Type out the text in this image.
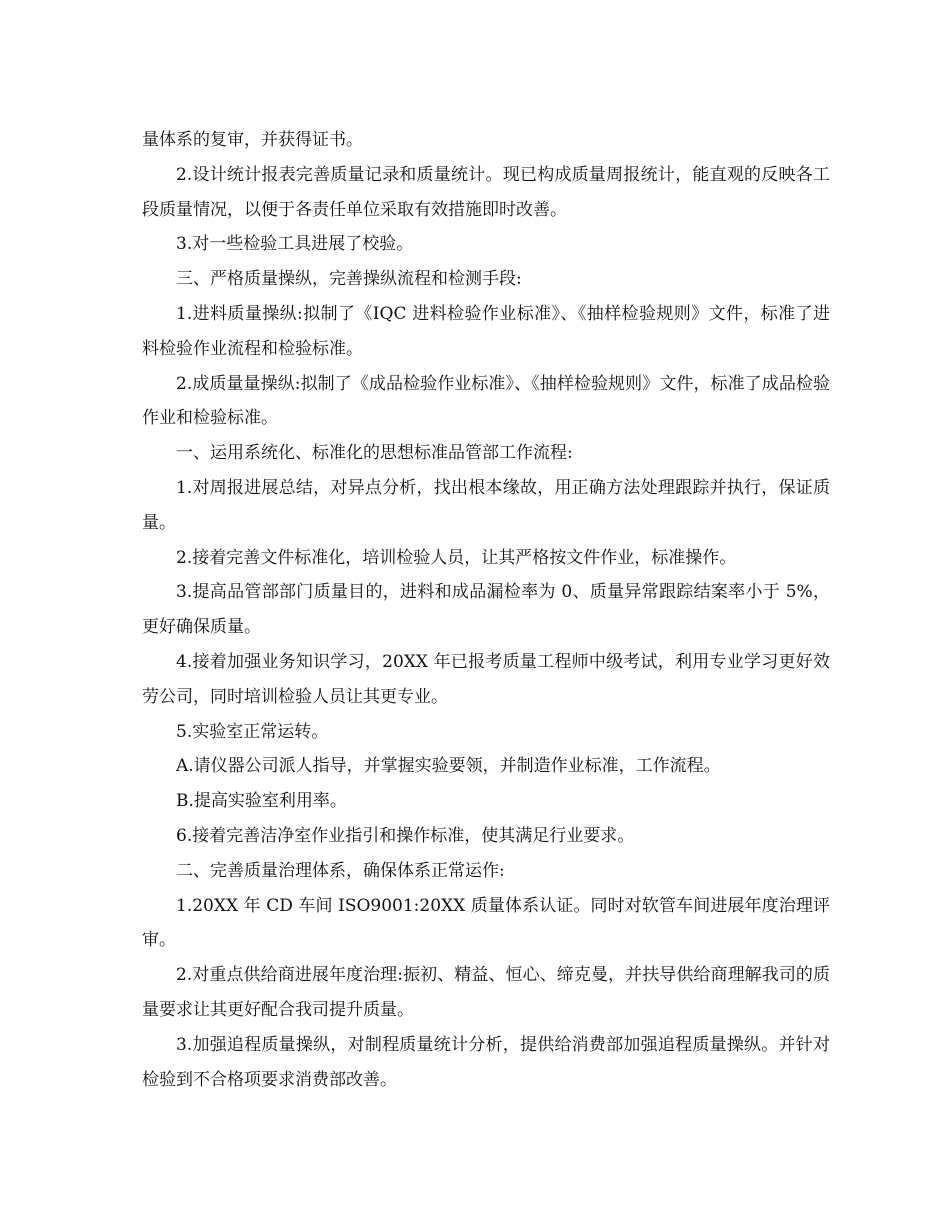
量体系的复审，并获得证书。

2.设计统计报表完善质量记录和质量统计。现已构成质量周报统计，能直观的反映各工段质量情况，以便于各责任单位采取有效措施即时改善。

3.对一些检验工具进展了校验。

三、严格质量操纵，完善操纵流程和检测手段:

1.进料质量操纵:拟制了《IQC 进料检验作业标准》、《抽样检验规则》文件，标准了进料检验作业流程和检验标准。

2.成质量量操纵:拟制了《成品检验作业标准》、《抽样检验规则》文件，标准了成品检验作业和检验标准。

一、运用系统化、标准化的思想标准品管部工作流程:

1.对周报进展总结，对异点分析，找出根本缘故，用正确方法处理跟踪并执行，保证质量。

2.接着完善文件标准化，培训检验人员，让其严格按文件作业，标准操作。

3.提高品管部部门质量目的，进料和成品漏检率为 0、质量异常跟踪结案率小于 5%，更好确保质量。

4.接着加强业务知识学习，20XX 年已报考质量工程师中级考试，利用专业学习更好效劳公司，同时培训检验人员让其更专业。

5.实验室正常运转。

A.请仪器公司派人指导，并掌握实验要领，并制造作业标准，工作流程。

B.提高实验室利用率。

6.接着完善洁净室作业指引和操作标准，使其满足行业要求。

二、完善质量治理体系，确保体系正常运作:

1.20XX 年 CD 车间 ISO9001:20XX 质量体系认证。同时对软管车间进展年度治理评审。

2.对重点供给商进展年度治理:振初、精益、恒心、缔克曼，并扶导供给商理解我司的质量要求让其更好配合我司提升质量。

3.加强追程质量操纵，对制程质量统计分析，提供给消费部加强追程质量操纵。并针对检验到不合格项要求消费部改善。
